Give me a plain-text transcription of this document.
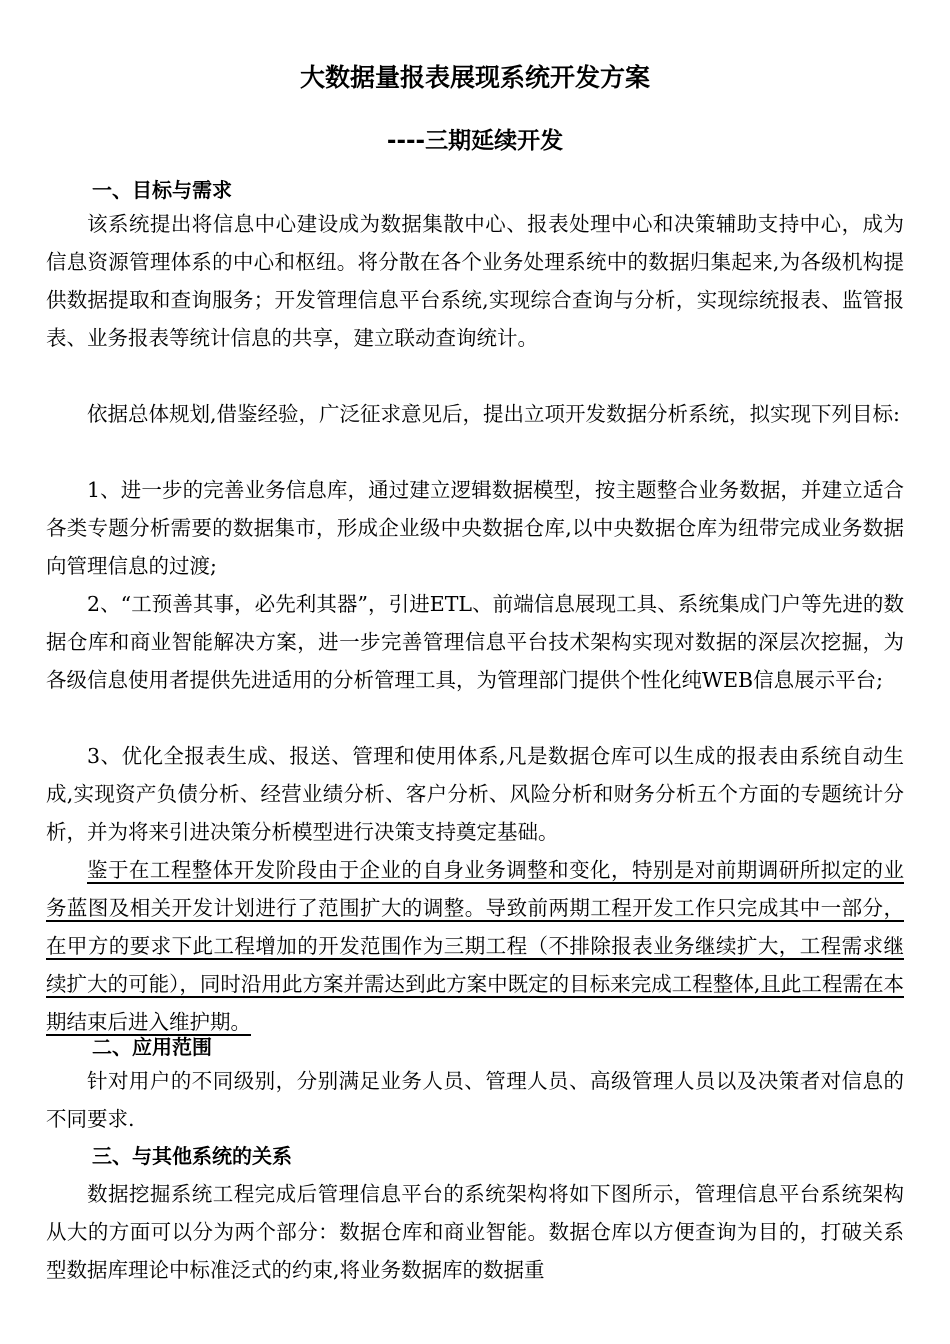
大数据量报表展现系统开发方案
----三期延续开发
一、目标与需求

该系统提出将信息中心建设成为数据集散中心、报表处理中心和决策辅助支持中心，成为信息资源管理体系的中心和枢纽。将分散在各个业务处理系统中的数据归集起来,为各级机构提供数据提取和查询服务；开发管理信息平台系统,实现综合查询与分析，实现综统报表、监管报表、业务报表等统计信息的共享，建立联动查询统计。

依据总体规划,借鉴经验，广泛征求意见后，提出立项开发数据分析系统，拟实现下列目标:

1、进一步的完善业务信息库，通过建立逻辑数据模型，按主题整合业务数据，并建立适合各类专题分析需要的数据集市，形成企业级中央数据仓库,以中央数据仓库为纽带完成业务数据向管理信息的过渡;

2、“工预善其事，必先利其器”，引进ETL、前端信息展现工具、系统集成门户等先进的数据仓库和商业智能解决方案，进一步完善管理信息平台技术架构实现对数据的深层次挖掘，为各级信息使用者提供先进适用的分析管理工具，为管理部门提供个性化纯WEB信息展示平台;

3、优化全报表生成、报送、管理和使用体系,凡是数据仓库可以生成的报表由系统自动生成,实现资产负债分析、经营业绩分析、客户分析、风险分析和财务分析五个方面的专题统计分析，并为将来引进决策分析模型进行决策支持奠定基础。

鉴于在工程整体开发阶段由于企业的自身业务调整和变化，特别是对前期调研所拟定的业务蓝图及相关开发计划进行了范围扩大的调整。导致前两期工程开发工作只完成其中一部分，在甲方的要求下此工程增加的开发范围作为三期工程（不排除报表业务继续扩大，工程需求继续扩大的可能），同时沿用此方案并需达到此方案中既定的目标来完成工程整体,且此工程需在本期结束后进入维护期。

二、应用范围

针对用户的不同级别，分别满足业务人员、管理人员、高级管理人员以及决策者对信息的不同要求.

三、与其他系统的关系

数据挖掘系统工程完成后管理信息平台的系统架构将如下图所示，管理信息平台系统架构从大的方面可以分为两个部分：数据仓库和商业智能。数据仓库以方便查询为目的，打破关系型数据库理论中标准泛式的约束,将业务数据库的数据重
